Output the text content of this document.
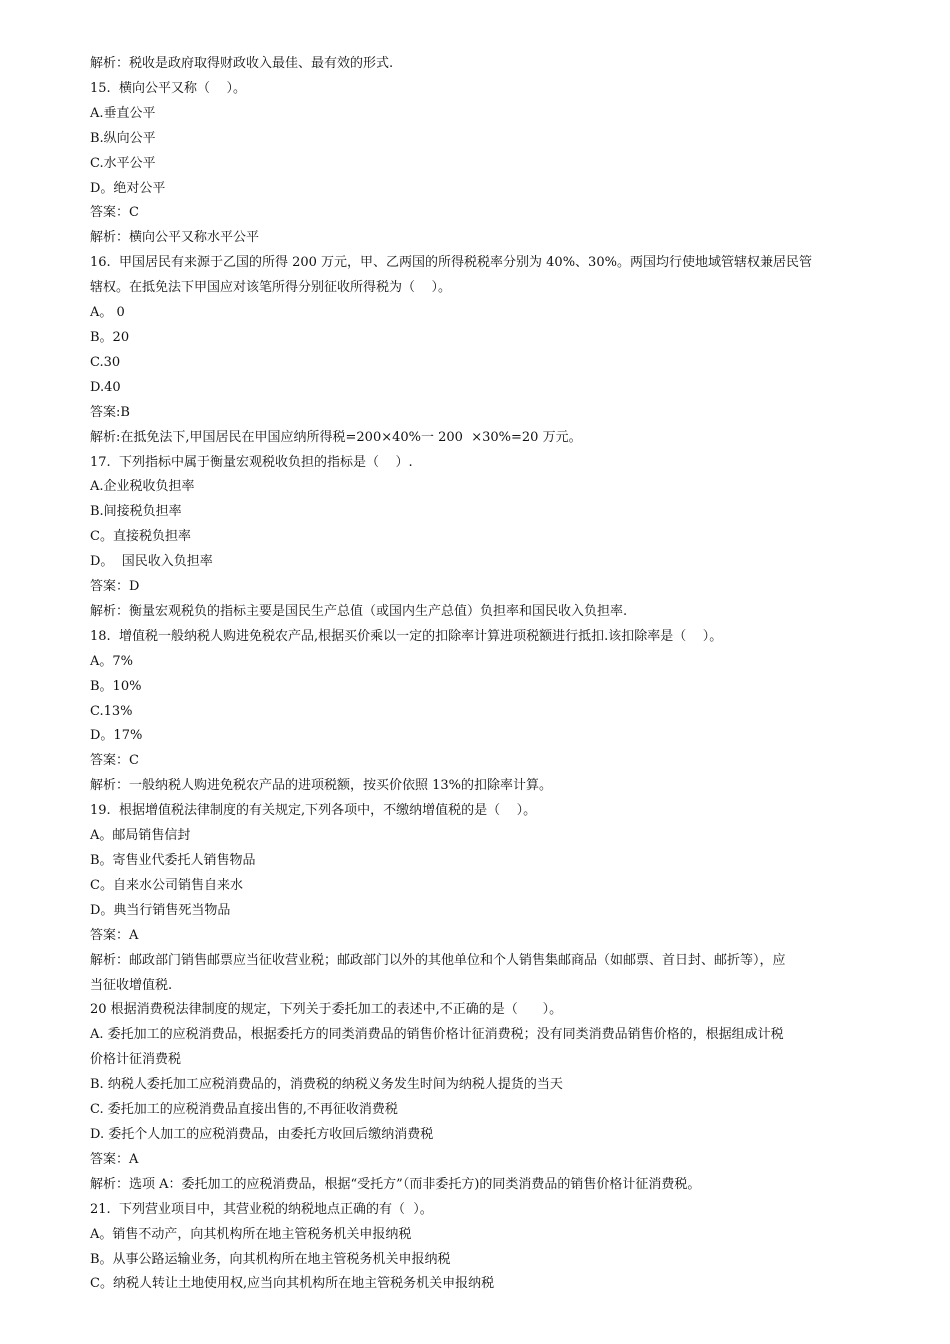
解析：税收是政府取得财政收入最佳、最有效的形式.

15.  横向公平又称（    ）。

A.垂直公平

B.纵向公平

C.水平公平

D。绝对公平

答案：C

解析：横向公平又称水平公平

16.  甲国居民有来源于乙国的所得 200 万元，甲、乙两国的所得税税率分别为 40%、30%。两国均行使地域管辖权兼居民管

辖权。在抵免法下甲国应对该笔所得分别征收所得税为（    ）。

A。 0

B。20

C.30

D.40

答案:B

解析:在抵免法下,甲国居民在甲国应纳所得税=200×40%一 200  ×30%=20 万元。

17.  下列指标中属于衡量宏观税收负担的指标是（    ）.

A.企业税收负担率

B.间接税负担率

C。直接税负担率

D。  国民收入负担率

答案：D

解析：衡量宏观税负的指标主要是国民生产总值（或国内生产总值）负担率和国民收入负担率.

18.  增值税一般纳税人购进免税农产品,根据买价乘以一定的扣除率计算进项税额进行抵扣.该扣除率是（    ）。

A。7%

B。10%

C.13%

D。17%

答案：C

解析：一般纳税人购进免税农产品的进项税额，按买价依照 13%的扣除率计算。

19.  根据增值税法律制度的有关规定,下列各项中，不缴纳增值税的是（    ）。

A。邮局销售信封

B。寄售业代委托人销售物品

C。自来水公司销售自来水

D。典当行销售死当物品

答案：A

解析：邮政部门销售邮票应当征收营业税；邮政部门以外的其他单位和个人销售集邮商品（如邮票、首日封、邮折等），应

当征收增值税.

20 根据消费税法律制度的规定，下列关于委托加工的表述中,不正确的是（      ）。

A. 委托加工的应税消费品，根据委托方的同类消费品的销售价格计征消费税；没有同类消费品销售价格的，根据组成计税

价格计征消费税

B. 纳税人委托加工应税消费品的，消费税的纳税义务发生时间为纳税人提货的当天

C. 委托加工的应税消费品直接出售的,不再征收消费税

D. 委托个人加工的应税消费品，由委托方收回后缴纳消费税

答案：A

解析：选项 A：委托加工的应税消费品，根据“受托方”（而非委托方)的同类消费品的销售价格计征消费税。

21.  下列营业项目中，其营业税的纳税地点正确的有（  ）。

A。销售不动产，向其机构所在地主管税务机关申报纳税

B。从事公路运输业务，向其机构所在地主管税务机关申报纳税

C。纳税人转让土地使用权,应当向其机构所在地主管税务机关申报纳税
